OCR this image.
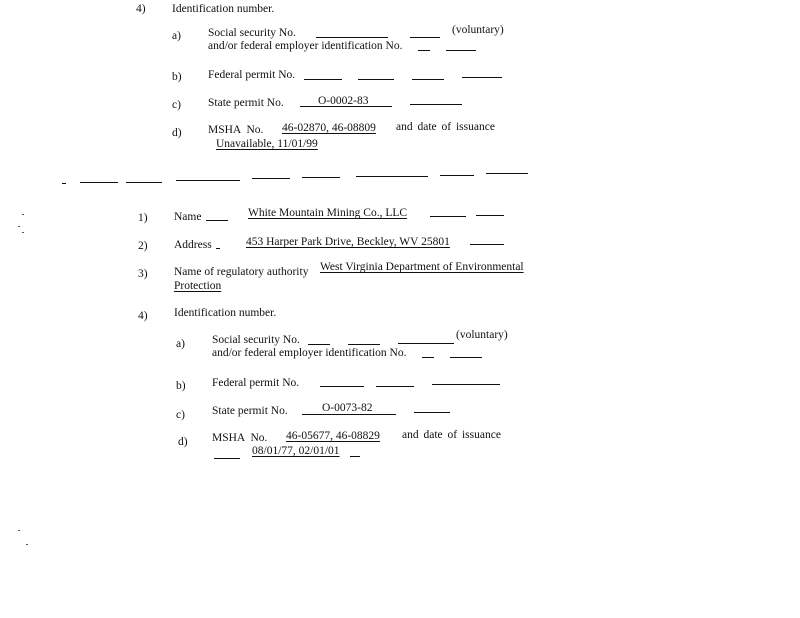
4) Identification number.
a) Social security No.	(voluntary)
and/or federal employer identification No.
b) Federal permit No.
c) State permit No.	O-0002-83
d) MSHA No.	46-02870, 46-08809	and date of issuance
Unavailable, 11/01/99
1) Name	White Mountain Mining Co., LLC
2) Address	453 Harper Park Drive, Beckley, WV 25801
3) Name of regulatory authority West Virginia Department of Environmental
Protection
4) Identification number.
a) Social security No.	(voluntary)
and/or federal employer identification No.
b) Federal permit No.
c) State permit No.	O-0073-82
d) MSHA No.	46-05677, 46-08829	and date of issuance
08/01/77, 02/01/01
